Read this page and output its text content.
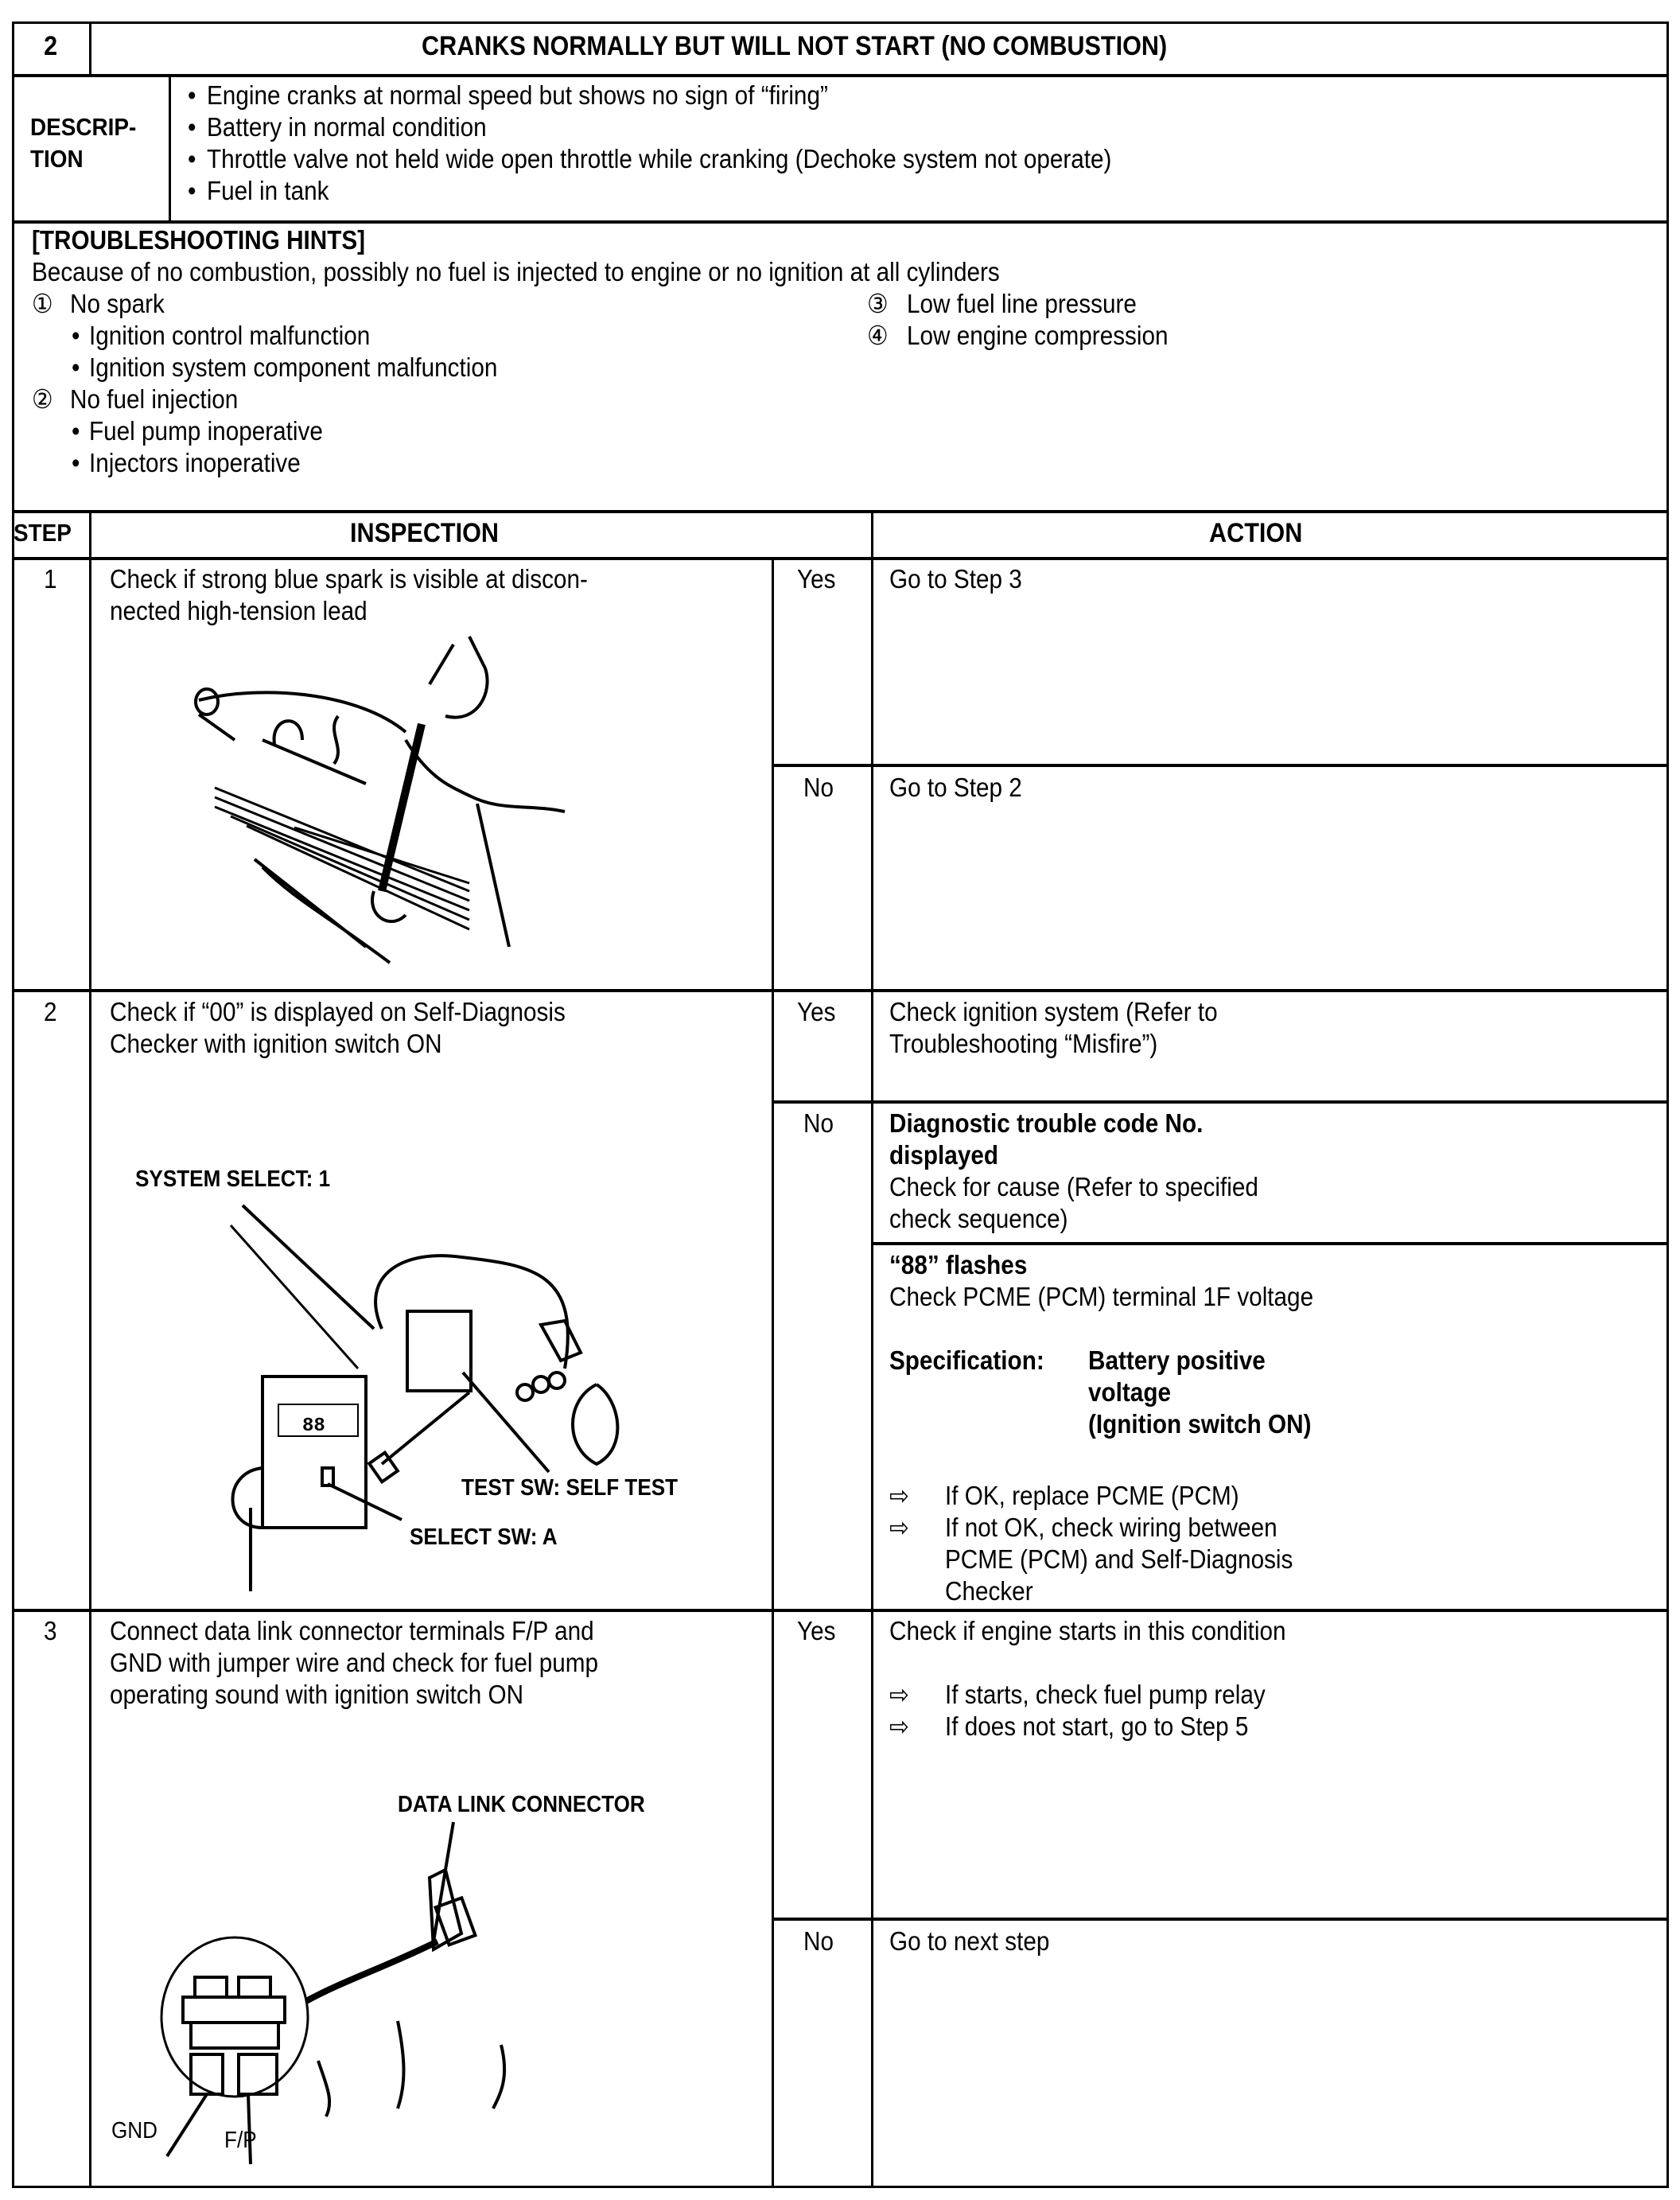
2	CRANKS NORMALLY BUT WILL NOT START (NO COMBUSTION)
DESCRIP-
TION
• Engine cranks at normal speed but shows no sign of “firing”
• Battery in normal condition
• Throttle valve not held wide open throttle while cranking (Dechoke system not operate)
• Fuel in tank
[TROUBLESHOOTING HINTS]
Because of no combustion, possibly no fuel is injected to engine or no ignition at all cylinders
① No spark
• Ignition control malfunction
• Ignition system component malfunction
② No fuel injection
• Fuel pump inoperative
• Injectors inoperative
③ Low fuel line pressure
④ Low engine compression
STEP	INSPECTION	ACTION
1 Check if strong blue spark is visible at discon-
nected high-tension lead
Yes Go to Step 3
No Go to Step 2
2 Check if “00” is displayed on Self-Diagnosis
Checker with ignition switch ON
Yes Check ignition system (Refer to
Troubleshooting “Misfire”)
No Diagnostic trouble code No.
displayed
Check for cause (Refer to specified
check sequence)
“88” flashes
Check PCME (PCM) terminal 1F voltage
Specification: Battery positive
voltage
(Ignition switch ON)
⇨ If OK, replace PCME (PCM)
⇨ If not OK, check wiring between
PCME (PCM) and Self-Diagnosis
Checker
SYSTEM SELECT: 1
TEST SW: SELF TEST
SELECT SW: A
88
3 Connect data link connector terminals F/P and
GND with jumper wire and check for fuel pump
operating sound with ignition switch ON
Yes Check if engine starts in this condition
⇨ If starts, check fuel pump relay
⇨ If does not start, go to Step 5
No Go to next step
DATA LINK CONNECTOR
GND	F/P
